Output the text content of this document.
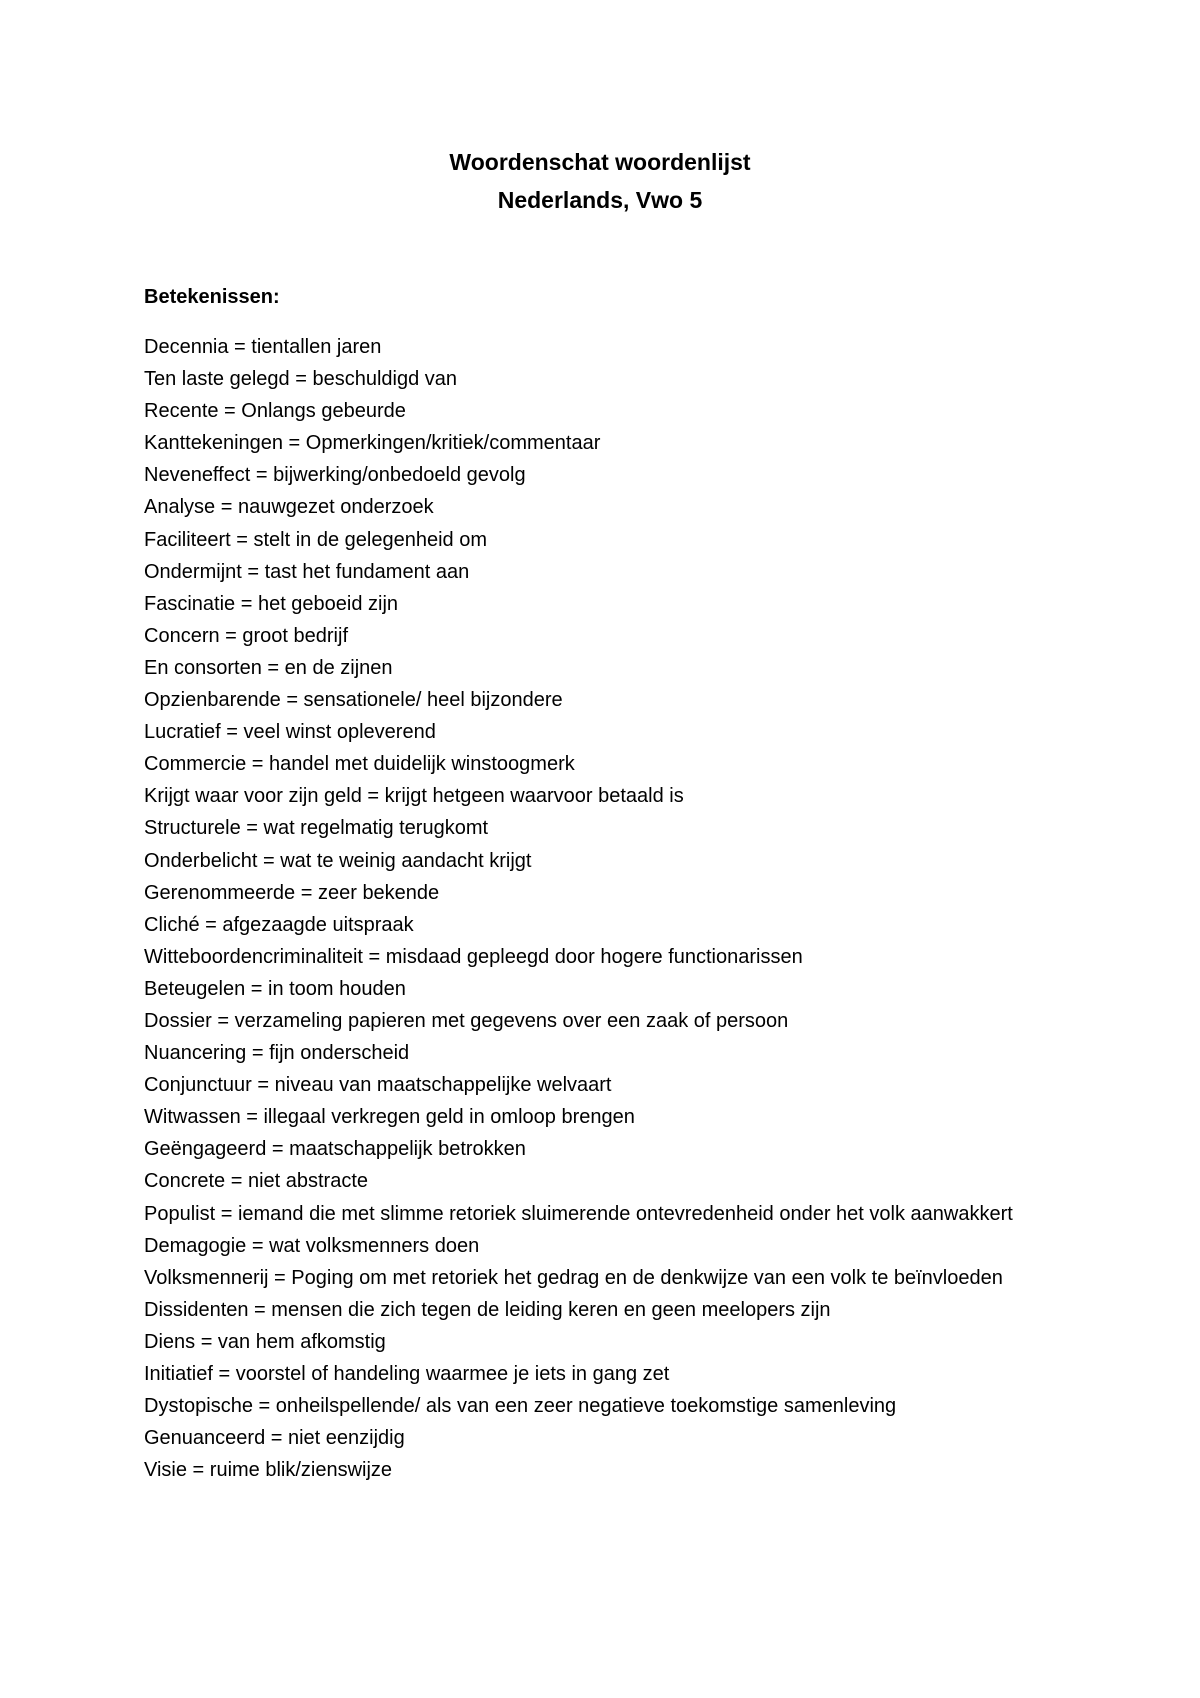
Woordenschat woordenlijst
Nederlands, Vwo 5
Betekenissen:
Decennia = tientallen jaren
Ten laste gelegd = beschuldigd van
Recente = Onlangs gebeurde
Kanttekeningen = Opmerkingen/kritiek/commentaar
Neveneffect = bijwerking/onbedoeld gevolg
Analyse = nauwgezet onderzoek
Faciliteert = stelt in de gelegenheid om
Ondermijnt = tast het fundament aan
Fascinatie = het geboeid zijn
Concern = groot bedrijf
En consorten = en de zijnen
Opzienbarende = sensationele/ heel bijzondere
Lucratief = veel winst opleverend
Commercie = handel met duidelijk winstoogmerk
Krijgt waar voor zijn geld = krijgt hetgeen waarvoor betaald is
Structurele = wat regelmatig terugkomt
Onderbelicht = wat te weinig aandacht krijgt
Gerenommeerde = zeer bekende
Cliché = afgezaagde uitspraak
Witteboordencriminaliteit = misdaad gepleegd door hogere functionarissen
Beteugelen = in toom houden
Dossier = verzameling papieren met gegevens over een zaak of persoon
Nuancering = fijn onderscheid
Conjunctuur = niveau van maatschappelijke welvaart
Witwassen = illegaal verkregen geld in omloop brengen
Geëngageerd = maatschappelijk betrokken
Concrete = niet abstracte
Populist = iemand die met slimme retoriek sluimerende ontevredenheid onder het volk aanwakkert
Demagogie = wat volksmenners doen
Volksmennerij = Poging om met retoriek het gedrag en de denkwijze van een volk te beïnvloeden
Dissidenten = mensen die zich tegen de leiding keren en geen meelopers zijn
Diens = van hem afkomstig
Initiatief = voorstel of handeling waarmee je iets in gang zet
Dystopische = onheilspellende/ als van een zeer negatieve toekomstige samenleving
Genuanceerd = niet eenzijdig
Visie = ruime blik/zienswijze
